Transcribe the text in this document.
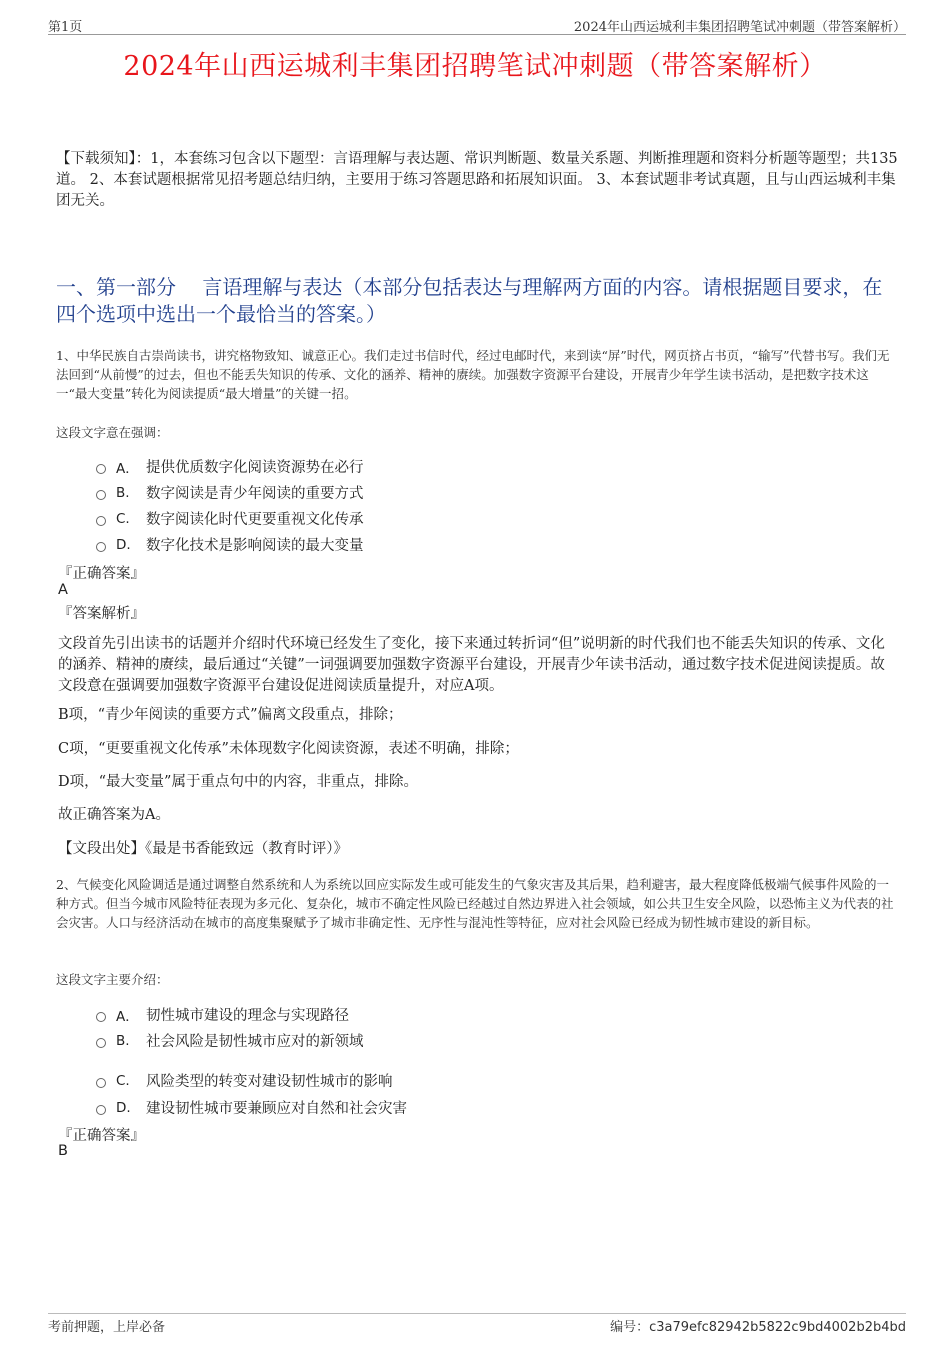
第1页	2024年山西运城利丰集团招聘笔试冲刺题（带答案解析）
2024年山西运城利丰集团招聘笔试冲刺题（带答案解析）
【下载须知】：1，本套练习包含以下题型：言语理解与表达题、常识判断题、数量关系题、判断推理题和资料分析题等题型；共135道。 2、本套试题根据常见招考题总结归纳，主要用于练习答题思路和拓展知识面。 3、本套试题非考试真题，且与山西运城利丰集团无关。
一、第一部分　 言语理解与表达（本部分包括表达与理解两方面的内容。请根据题目要求，在四个选项中选出一个最恰当的答案。）
1、中华民族自古崇尚读书，讲究格物致知、诚意正心。我们走过书信时代，经过电邮时代，来到读“屏”时代，网页挤占书页，“输写”代替书写。我们无法回到“从前慢”的过去，但也不能丢失知识的传承、文化的涵养、精神的赓续。加强数字资源平台建设，开展青少年学生读书活动，是把数字技术这一“最大变量”转化为阅读提质“最大增量”的关键一招。
这段文字意在强调：
A． 提供优质数字化阅读资源势在必行
B.	数字阅读是青少年阅读的重要方式
C.	数字阅读化时代更要重视文化传承
D.	数字化技术是影响阅读的最大变量
『正确答案』
A
『答案解析』
文段首先引出读书的话题并介绍时代环境已经发生了变化，接下来通过转折词“但”说明新的时代我们也不能丢失知识的传承、文化的涵养、精神的赓续，最后通过“关键”一词强调要加强数字资源平台建设，开展青少年读书活动，通过数字技术促进阅读提质。故文段意在强调要加强数字资源平台建设促进阅读质量提升，对应A项。
B项，“青少年阅读的重要方式”偏离文段重点，排除；
C项，“更要重视文化传承”未体现数字化阅读资源，表述不明确，排除；
D项，“最大变量”属于重点句中的内容，非重点，排除。
故正确答案为A。
【文段出处】《最是书香能致远（教育时评）》
2、气候变化风险调适是通过调整自然系统和人为系统以回应实际发生或可能发生的气象灾害及其后果，趋利避害，最大程度降低极端气候事件风险的一种方式。但当今城市风险特征表现为多元化、复杂化，城市不确定性风险已经越过自然边界进入社会领域，如公共卫生安全风险，以恐怖主义为代表的社会灾害。人口与经济活动在城市的高度集聚赋予了城市非确定性、无序性与混沌性等特征，应对社会风险已经成为韧性城市建设的新目标。
这段文字主要介绍：
A． 韧性城市建设的理念与实现路径
B.	社会风险是韧性城市应对的新领域
C.	风险类型的转变对建设韧性城市的影响
D.	建设韧性城市要兼顾应对自然和社会灾害
『正确答案』
B
考前押题，上岸必备	编号：c3a79efc82942b5822c9bd4002b2b4bd
